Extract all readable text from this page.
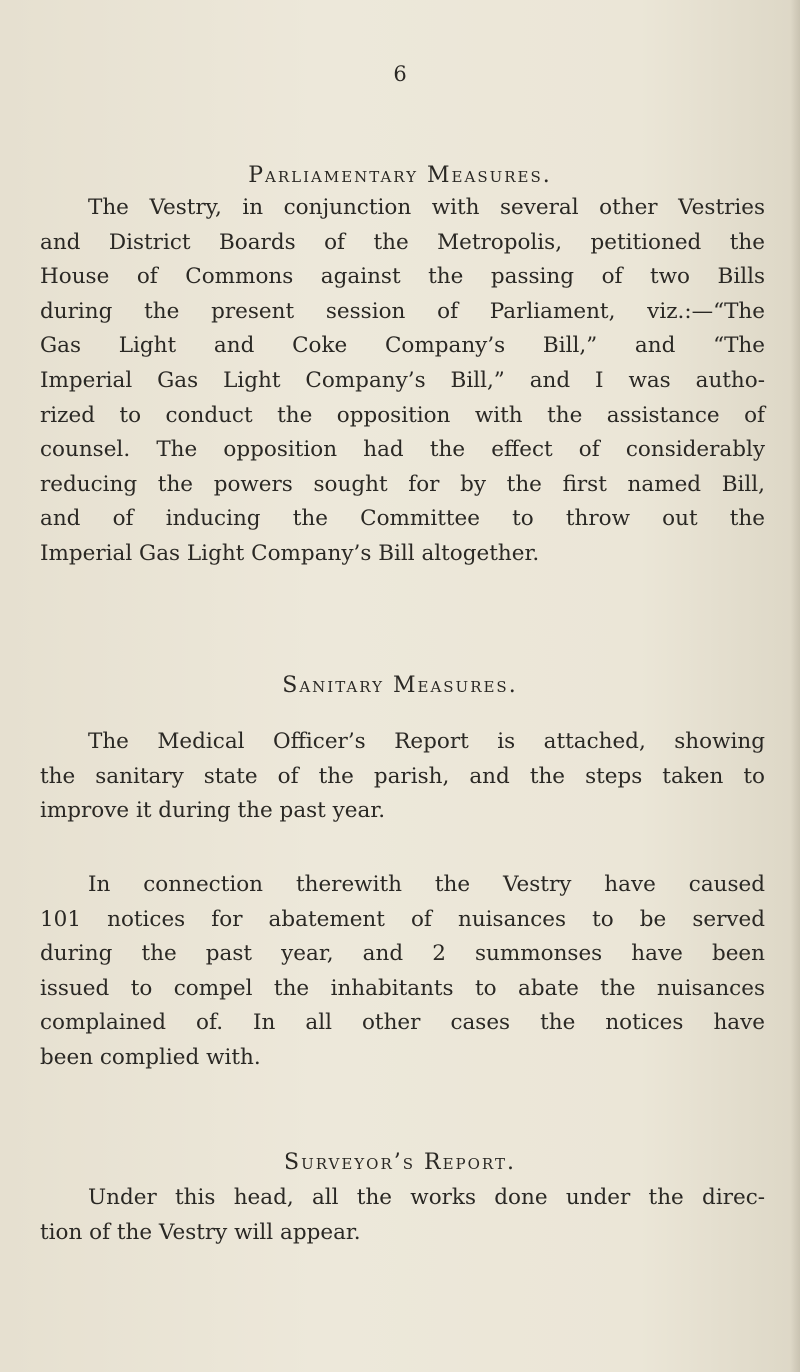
6
Parliamentary Measures.
The Vestry, in conjunction with several other Vestries
and District Boards of the Metropolis, petitioned the
House of Commons against the passing of two Bills
during the present session of Parliament, viz.:—“The
Gas Light and Coke Company’s Bill,” and “The
Imperial Gas Light Company’s Bill,” and I was autho-
rized to conduct the opposition with the assistance of
counsel. The opposition had the effect of considerably
reducing the powers sought for by the first named Bill,
and of inducing the Committee to throw out the
Imperial Gas Light Company’s Bill altogether.
Sanitary Measures.
The Medical Officer’s Report is attached, showing
the sanitary state of the parish, and the steps taken to
improve it during the past year.
In connection therewith the Vestry have caused
101 notices for abatement of nuisances to be served
during the past year, and 2 summonses have been
issued to compel the inhabitants to abate the nuisances
complained of. In all other cases the notices have
been complied with.
Surveyor’s Report.
Under this head, all the works done under the direc-
tion of the Vestry will appear.
